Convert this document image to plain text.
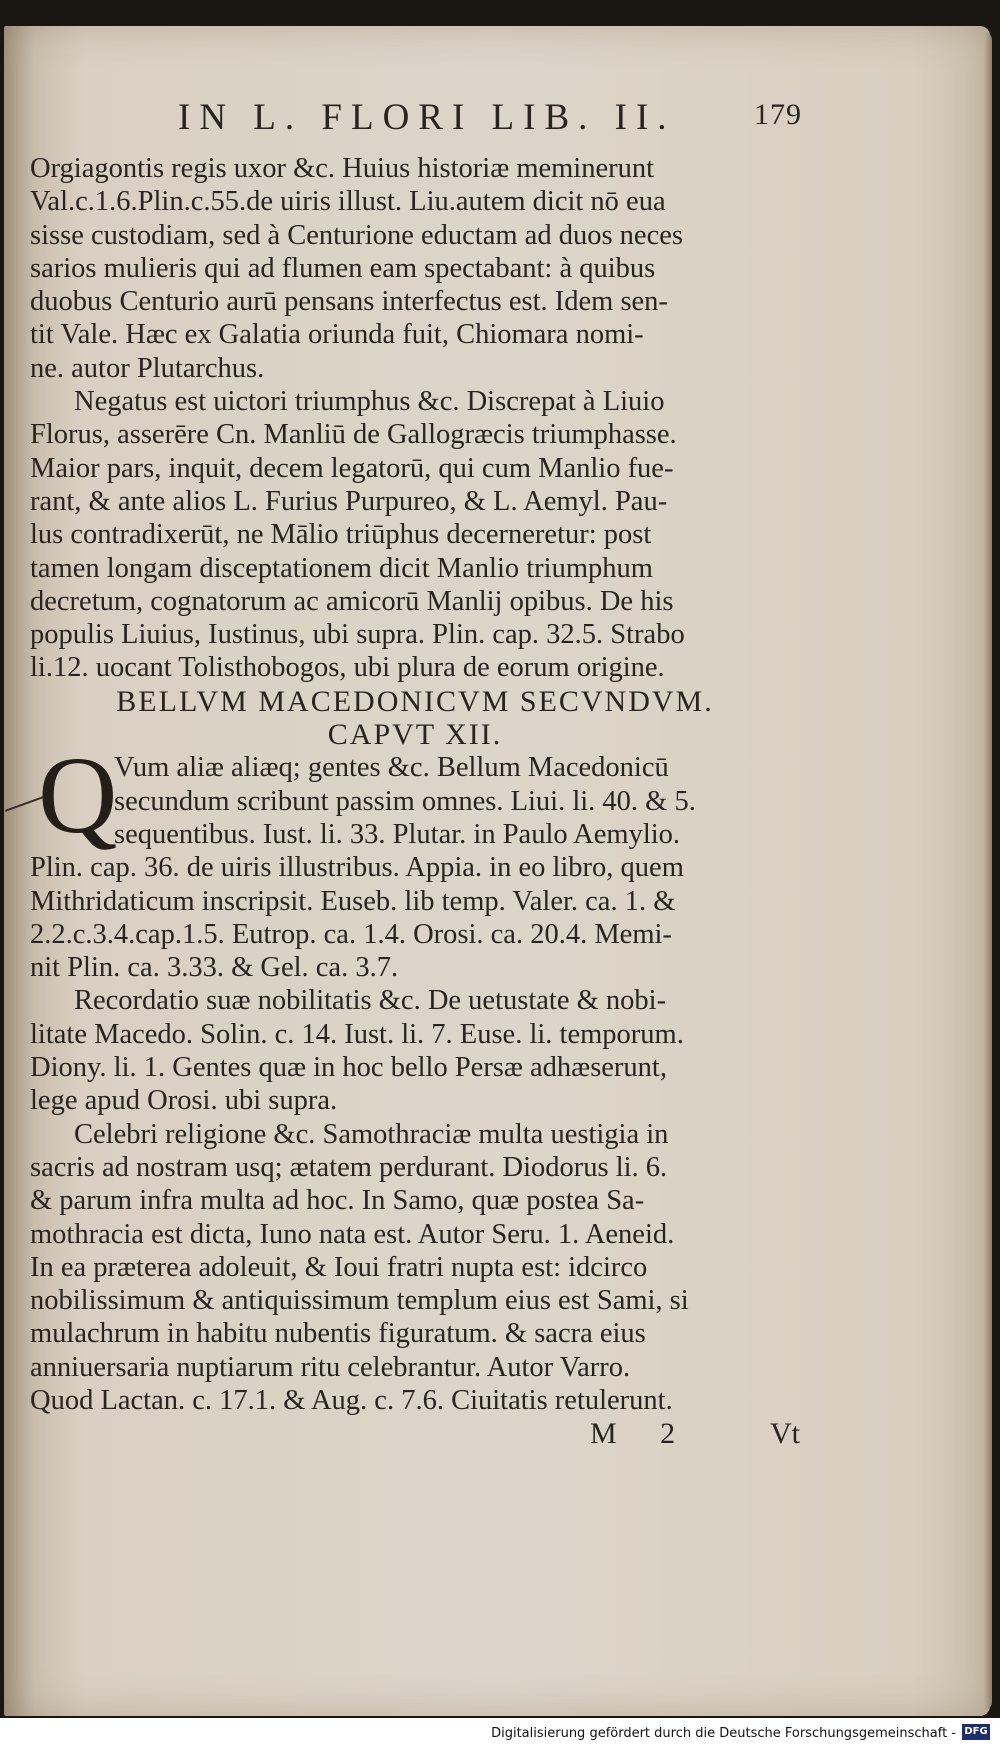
IN L. FLORI LIB. II.	179

Orgiagontis regis uxor &c. Huius historiæ meminerunt
Val.c.1.6.Plin.c.55.de uiris illust. Liu.autem dicit nō eua
sisse custodiam, sed à Centurione eductam ad duos neces
sarios mulieris qui ad flumen eam spectabant: à quibus
duobus Centurio aurū pensans interfectus est. Idem sen-
tit Vale. Hæc ex Galatia oriunda fuit, Chiomara nomi-
ne. autor Plutarchus.

Negatus est uictori triumphus &c. Discrepat à Liuio
Florus, asserēre Cn. Manliū de Gallogræcis triumphasse.
Maior pars, inquit, decem legatorū, qui cum Manlio fue-
rant, & ante alios L. Furius Purpureo, & L. Aemyl. Pau-
lus contradixerūt, ne Mālio triūphus decerneretur: post
tamen longam disceptationem dicit Manlio triumphum
decretum, cognatorum ac amicorū Manlij opibus. De his
populis Liuius, Iustinus, ubi supra. Plin. cap. 32.5. Strabo
li.12. uocant Tolisthobogos, ubi plura de eorum origine.

BELLVM MACEDONICVM SECVNDVM.

CAPVT XII.

Q

Vum aliæ aliæq; gentes &c. Bellum Macedonicū
secundum scribunt passim omnes. Liui. li. 40. & 5.
sequentibus. Iust. li. 33. Plutar. in Paulo Aemylio.

Plin. cap. 36. de uiris illustribus. Appia. in eo libro, quem
Mithridaticum inscripsit. Euseb. lib temp. Valer. ca. 1. &
2.2.c.3.4.cap.1.5. Eutrop. ca. 1.4. Orosi. ca. 20.4. Memi-
nit Plin. ca. 3.33. & Gel. ca. 3.7.

Recordatio suæ nobilitatis &c. De uetustate & nobi-
litate Macedo. Solin. c. 14. Iust. li. 7. Euse. li. temporum.
Diony. li. 1. Gentes quæ in hoc bello Persæ adhæserunt,
lege apud Orosi. ubi supra.

Celebri religione &c. Samothraciæ multa uestigia in
sacris ad nostram usq; ætatem perdurant. Diodorus li. 6.
& parum infra multa ad hoc. In Samo, quæ postea Sa-
mothracia est dicta, Iuno nata est. Autor Seru. 1. Aeneid.
In ea præterea adoleuit, & Ioui fratri nupta est: idcirco
nobilissimum & antiquissimum templum eius est Sami, si
mulachrum in habitu nubentis figuratum. & sacra eius
anniuersaria nuptiarum ritu celebrantur. Autor Varro.
Quod Lactan. c. 17.1. & Aug. c. 7.6. Ciuitatis retulerunt.

M 2	Vt
Digitalisierung gefördert durch die Deutsche Forschungsgemeinschaft - DFG
